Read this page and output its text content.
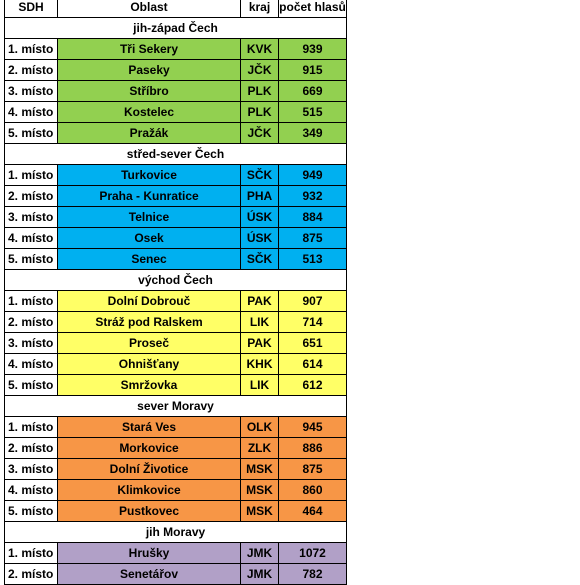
SDH	Oblast	kraj	počet hlasů
jih-západ Čech			
1. místo	Tři Sekery	KVK	939
2. místo	Paseky	JČK	915
3. místo	Stříbro	PLK	669
4. místo	Kostelec	PLK	515
5. místo	Pražák	JČK	349
střed-sever Čech			
1. místo	Turkovice	SČK	949
2. místo	Praha - Kunratice	PHA	932
3. místo	Telnice	ÚSK	884
4. místo	Osek	ÚSK	875
5. místo	Senec	SČK	513
východ Čech			
1. místo	Dolní Dobrouč	PAK	907
2. místo	Stráž pod Ralskem	LIK	714
3. místo	Proseč	PAK	651
4. místo	Ohnišťany	KHK	614
5. místo	Smržovka	LIK	612
sever Moravy			
1. místo	Stará Ves	OLK	945
2. místo	Morkovice	ZLK	886
3. místo	Dolní Životice	MSK	875
4. místo	Klimkovice	MSK	860
5. místo	Pustkovec	MSK	464
jih Moravy			
1. místo	Hrušky	JMK	1072
2. místo	Senetářov	JMK	782
